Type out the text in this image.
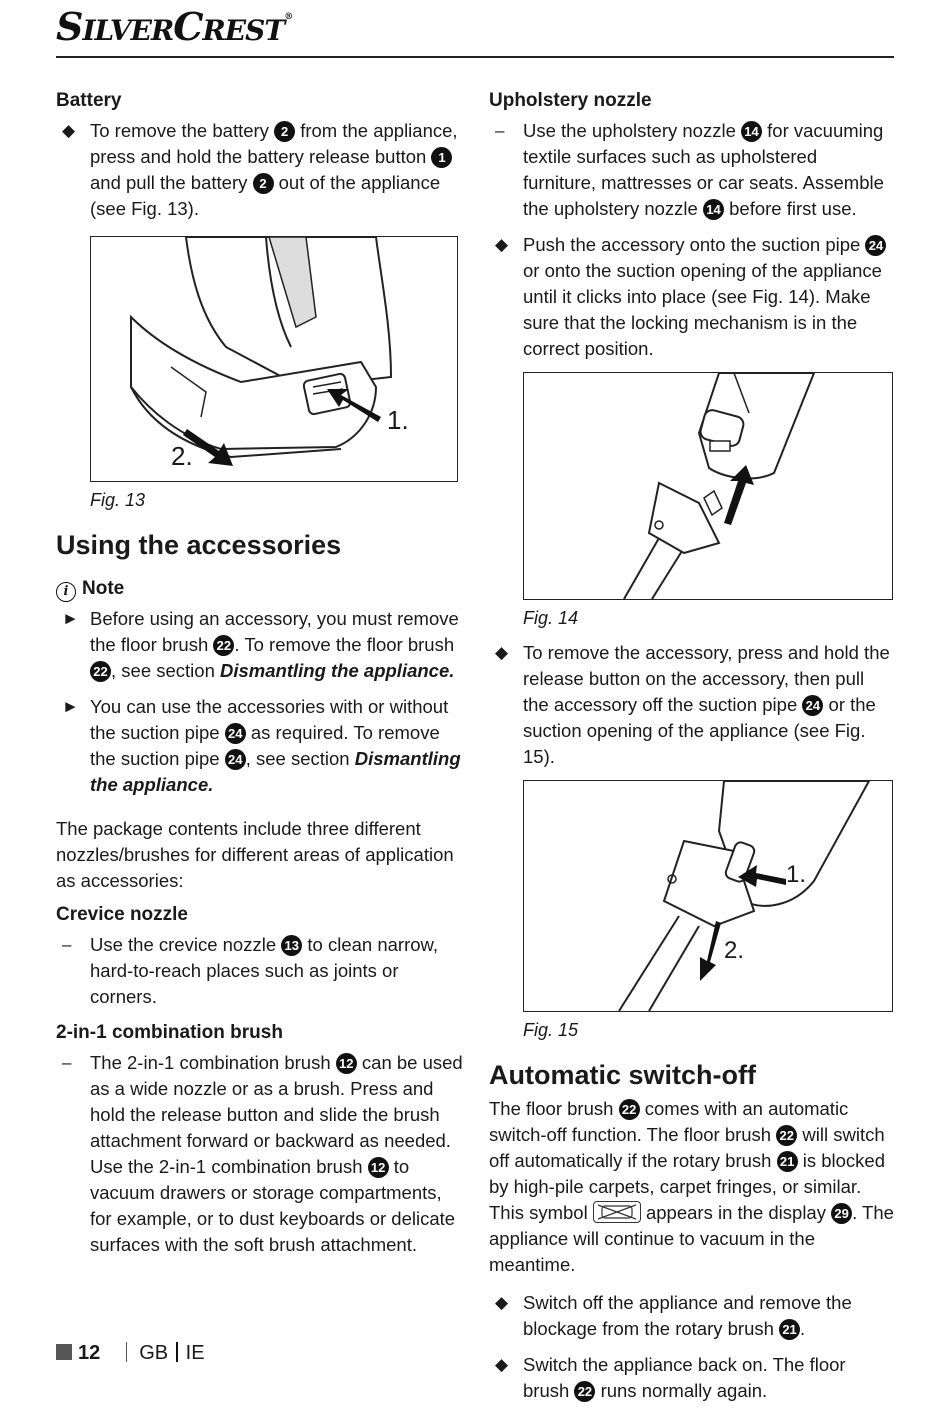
SILVERCREST®
Battery
◆ To remove the battery 2 from the appliance, press and hold the battery release button 1 and pull the battery 2 out of the appliance (see Fig. 13).
1.
2.
Fig. 13
Using the accessories
i Note
► Before using an accessory, you must remove the floor brush 22 . To remove the floor brush 22 , see section Dismantling the appliance.
► You can use the accessories with or without the suction pipe 24 as required. To remove the suction pipe 24 , see section Dismantling the appliance.

The package contents include three different nozzles/brushes for different areas of application as accessories:

Crevice nozzle
– Use the crevice nozzle 13 to clean narrow, hard-to-reach places such as joints or corners.
2-in-1 combination brush
– The 2-in-1 combination brush 12 can be used as a wide nozzle or as a brush. Press and hold the release button and slide the brush attachment forward or backward as needed. Use the 2-in-1 combination brush 12 to vacuum drawers or storage compartments, for example, or to dust keyboards or delicate surfaces with the soft brush attachment.
Upholstery nozzle
– Use the upholstery nozzle 14 for vacuuming textile surfaces such as upholstered furniture, mattresses or car seats. Assemble the upholstery nozzle 14 before first use.
◆ Push the accessory onto the suction pipe 24 or onto the suction opening of the appliance until it clicks into place (see Fig. 14). Make sure that the locking mechanism is in the correct position.
Fig. 14
◆ To remove the accessory, press and hold the release button on the accessory, then pull the accessory off the suction pipe 24 or the suction opening of the appliance (see Fig. 15).
1.
2.
Fig. 15
Automatic switch-off

The floor brush 22 comes with an automatic switch-off function. The floor brush 22 will switch off automatically if the rotary brush 21 is blocked by high-pile carpets, carpet fringes, or similar. This symbol	appears in the display 29 . The appliance will continue to vacuum in the meantime.

◆ Switch off the appliance and remove the blockage from the rotary brush 21 .
◆ Switch the appliance back on. The floor brush 22 runs normally again.
12 GB IE
